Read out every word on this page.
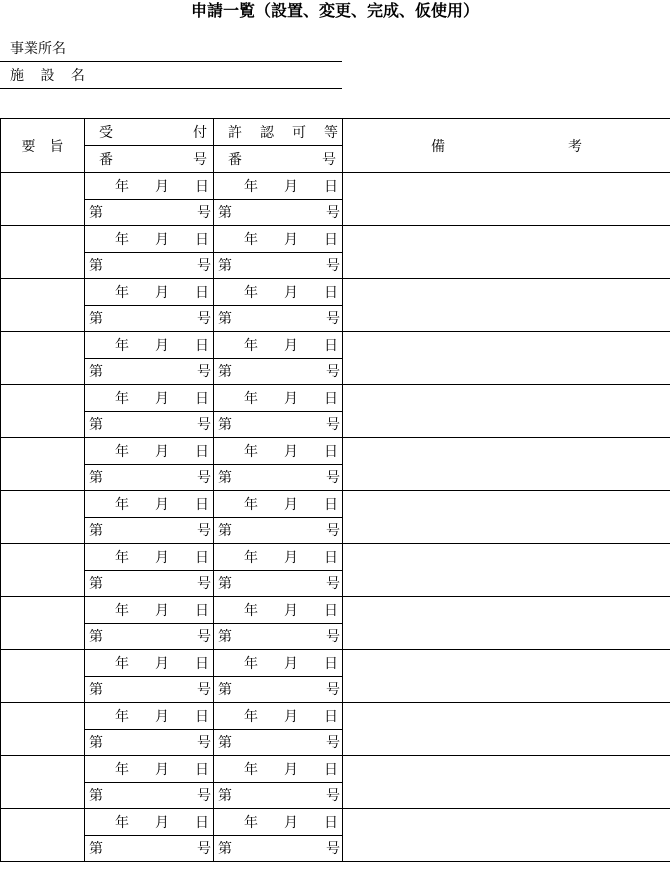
申請一覧（設置、変更、完成、仮使用）
事業所名
施 設 名
要旨	受 付	許 認 可 等	備 考

	番 号	番 号	

	年 月 日	年 月 日	

	第 号	第 号	

	年 月 日	年 月 日	

	第 号	第 号	

	年 月 日	年 月 日	

	第 号	第 号	

	年 月 日	年 月 日	

	第 号	第 号	

	年 月 日	年 月 日	

	第 号	第 号	

	年 月 日	年 月 日	

	第 号	第 号	

	年 月 日	年 月 日	

	第 号	第 号	

	年 月 日	年 月 日	

	第 号	第 号	

	年 月 日	年 月 日	

	第 号	第 号	

	年 月 日	年 月 日	

	第 号	第 号	

	年 月 日	年 月 日	

	第 号	第 号	

	年 月 日	年 月 日	

	第 号	第 号	

	年 月 日	年 月 日	

	第 号	第 号	
